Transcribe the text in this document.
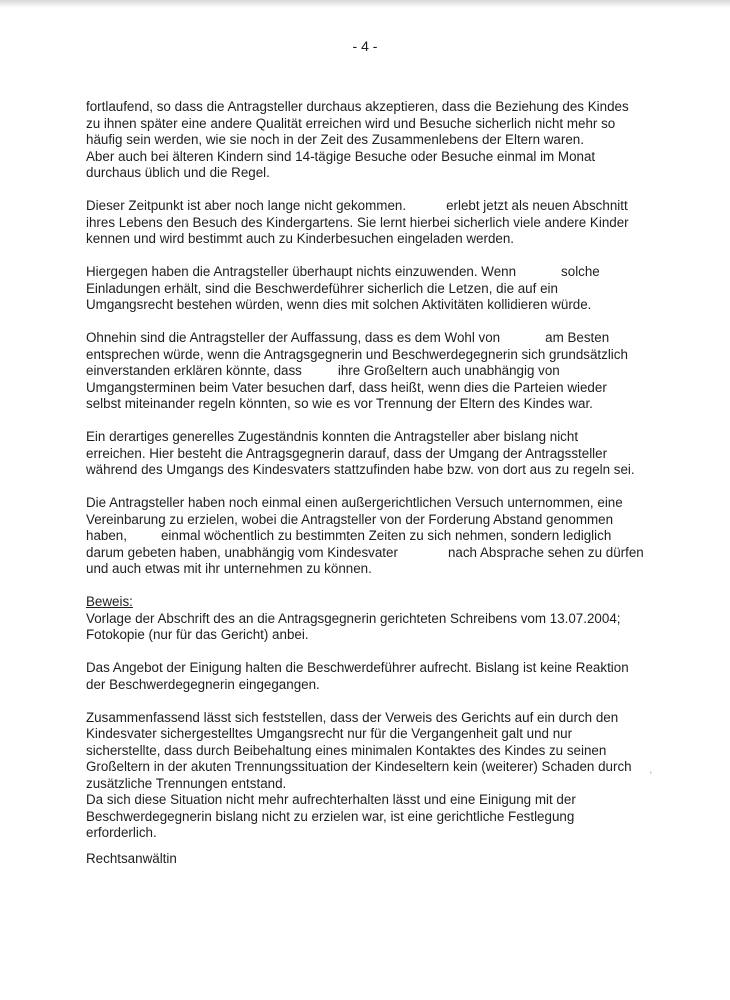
- 4 -
fortlaufend, so dass die Antragsteller durchaus akzeptieren, dass die Beziehung des Kindes
zu ihnen später eine andere Qualität erreichen wird und Besuche sicherlich nicht mehr so
häufig sein werden, wie sie noch in der Zeit des Zusammenlebens der Eltern waren.
Aber auch bei älteren Kindern sind 14-tägige Besuche oder Besuche einmal im Monat
durchaus üblich und die Regel.
Dieser Zeitpunkt ist aber noch lange nicht gekommen.	erlebt jetzt als neuen Abschnitt
ihres Lebens den Besuch des Kindergartens. Sie lernt hierbei sicherlich viele andere Kinder
kennen und wird bestimmt auch zu Kinderbesuchen eingeladen werden.
Hiergegen haben die Antragsteller überhaupt nichts einzuwenden. Wenn	solche
Einladungen erhält, sind die Beschwerdeführer sicherlich die Letzen, die auf ein
Umgangsrecht bestehen würden, wenn dies mit solchen Aktivitäten kollidieren würde.
Ohnehin sind die Antragsteller der Auffassung, dass es dem Wohl von	am Besten
entsprechen würde, wenn die Antragsgegnerin und Beschwerdegegnerin sich grundsätzlich
einverstanden erklären könnte, dass	ihre Großeltern auch unabhängig von
Umgangsterminen beim Vater besuchen darf, dass heißt, wenn dies die Parteien wieder
selbst miteinander regeln könnten, so wie es vor Trennung der Eltern des Kindes war.
Ein derartiges generelles Zugeständnis konnten die Antragsteller aber bislang nicht
erreichen. Hier besteht die Antragsgegnerin darauf, dass der Umgang der Antragssteller
während des Umgangs des Kindesvaters stattzufinden habe bzw. von dort aus zu regeln sei.
Die Antragsteller haben noch einmal einen außergerichtlichen Versuch unternommen, eine
Vereinbarung zu erzielen, wobei die Antragsteller von der Forderung Abstand genommen
haben,	einmal wöchentlich zu bestimmten Zeiten zu sich nehmen, sondern lediglich
darum gebeten haben, unabhängig vom Kindesvater	nach Absprache sehen zu dürfen
und auch etwas mit ihr unternehmen zu können.
Beweis:
Vorlage der Abschrift des an die Antragsgegnerin gerichteten Schreibens vom 13.07.2004;
Fotokopie (nur für das Gericht) anbei.
Das Angebot der Einigung halten die Beschwerdeführer aufrecht. Bislang ist keine Reaktion
der Beschwerdegegnerin eingegangen.
Zusammenfassend lässt sich feststellen, dass der Verweis des Gerichts auf ein durch den
Kindesvater sichergestelltes Umgangsrecht nur für die Vergangenheit galt und nur
sicherstellte, dass durch Beibehaltung eines minimalen Kontaktes des Kindes zu seinen
Großeltern in der akuten Trennungssituation der Kindeseltern kein (weiterer) Schaden durch
zusätzliche Trennungen entstand.
Da sich diese Situation nicht mehr aufrechterhalten lässt und eine Einigung mit der
Beschwerdegegnerin bislang nicht zu erzielen war, ist eine gerichtliche Festlegung
erforderlich.
'
Rechtsanwältin
